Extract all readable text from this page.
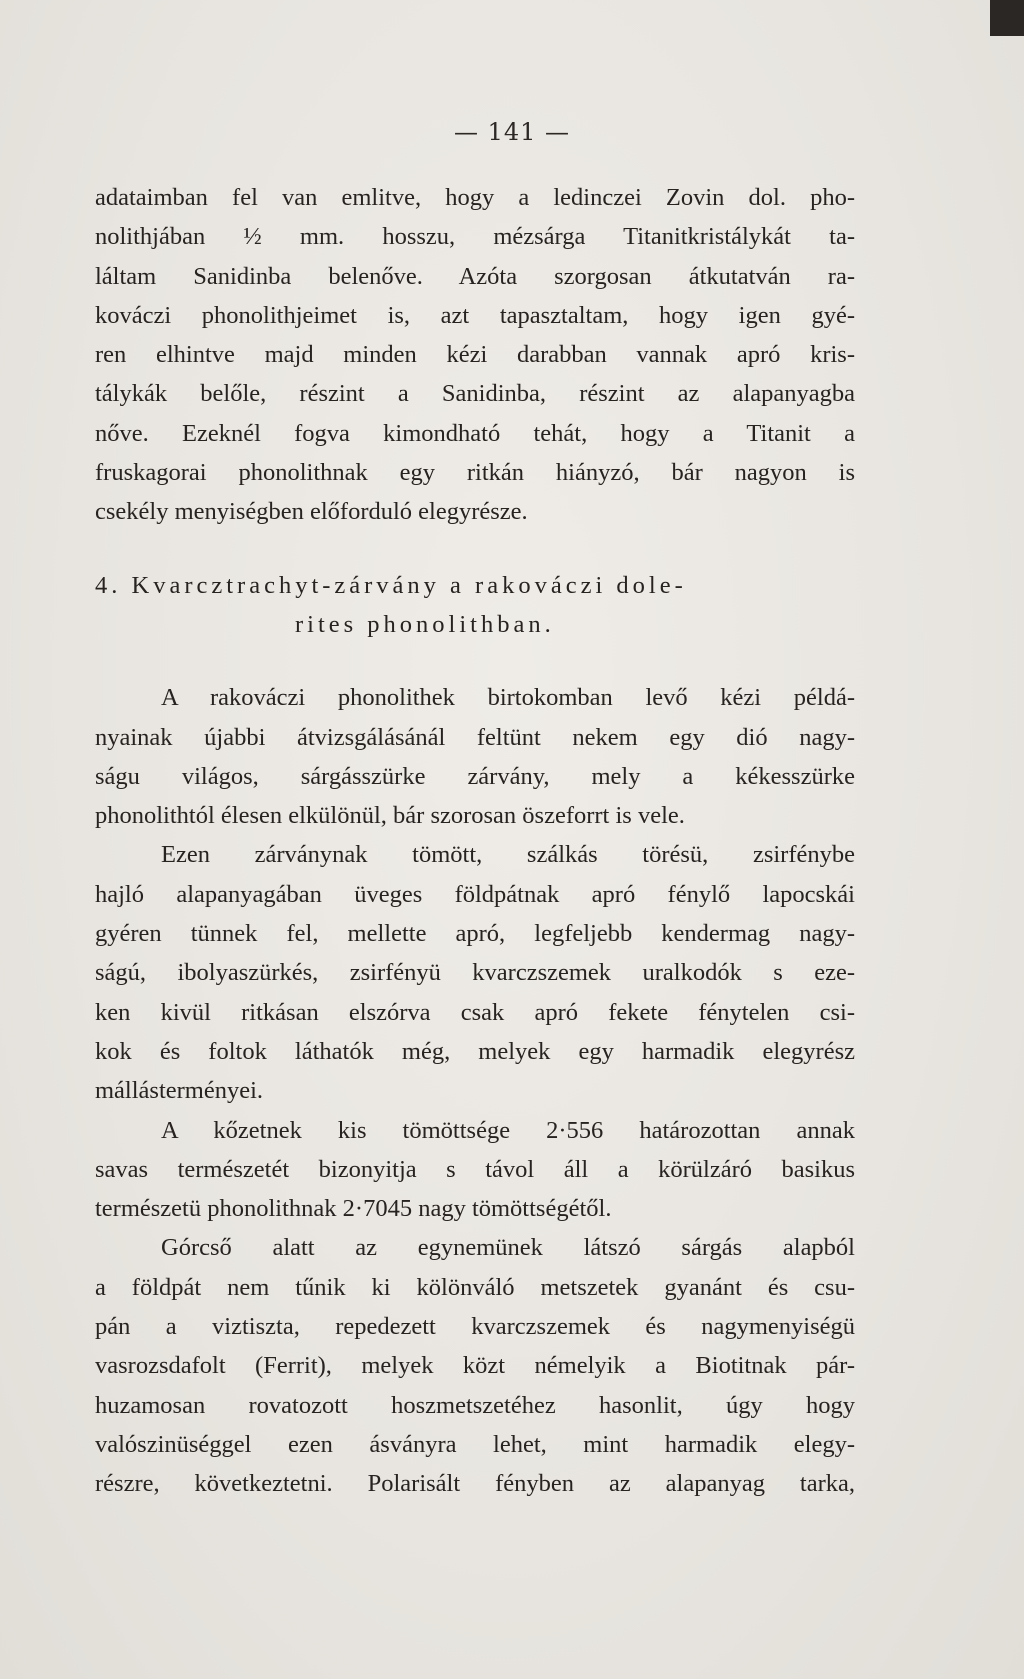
— 141 —
adataimban fel van emlitve, hogy a ledinczei Zovin dol. pho-
nolithjában ½ mm. hosszu, mézsárga Titanitkristálykát ta-
láltam Sanidinba belenőve. Azóta szorgosan átkutatván ra-
kováczi phonolithjeimet is, azt tapasztaltam, hogy igen gyé-
ren elhintve majd minden kézi darabban vannak apró kris-
tálykák belőle, részint a Sanidinba, részint az alapanyagba
nőve. Ezeknél fogva kimondható tehát, hogy a Titanit a
fruskagorai phonolithnak egy ritkán hiányzó, bár nagyon is
csekély menyiségben előforduló elegyrésze.
4. Kvarcztrachyt-zárvány a rakováczi dole-
rites phonolithban.
A rakováczi phonolithek birtokomban levő kézi példá-
nyainak újabbi átvizsgálásánál feltünt nekem egy dió nagy-
ságu világos, sárgásszürke zárvány, mely a kékesszürke
phonolithtól élesen elkülönül, bár szorosan öszeforrt is vele.
Ezen zárványnak tömött, szálkás törésü, zsirfénybe
hajló alapanyagában üveges földpátnak apró fénylő lapocskái
gyéren tünnek fel, mellette apró, legfeljebb kendermag nagy-
ságú, ibolyaszürkés, zsirfényü kvarczszemek uralkodók s eze-
ken kivül ritkásan elszórva csak apró fekete fénytelen csi-
kok és foltok láthatók még, melyek egy harmadik elegyrész
mállásterményei.
A kőzetnek kis tömöttsége 2·556 határozottan annak
savas természetét bizonyitja s távol áll a körülzáró basikus
természetü phonolithnak 2·7045 nagy tömöttségétől.
Górcső alatt az egynemünek látszó sárgás alapból
a földpát nem tűnik ki kölönváló metszetek gyanánt és csu-
pán a viztiszta, repedezett kvarczszemek és nagymenyiségü
vasrozsdafolt (Ferrit), melyek közt némelyik a Biotitnak pár-
huzamosan rovatozott hoszmetszetéhez hasonlit, úgy hogy
valószinüséggel ezen ásványra lehet, mint harmadik elegy-
részre, következtetni. Polarisált fényben az alapanyag tarka,
